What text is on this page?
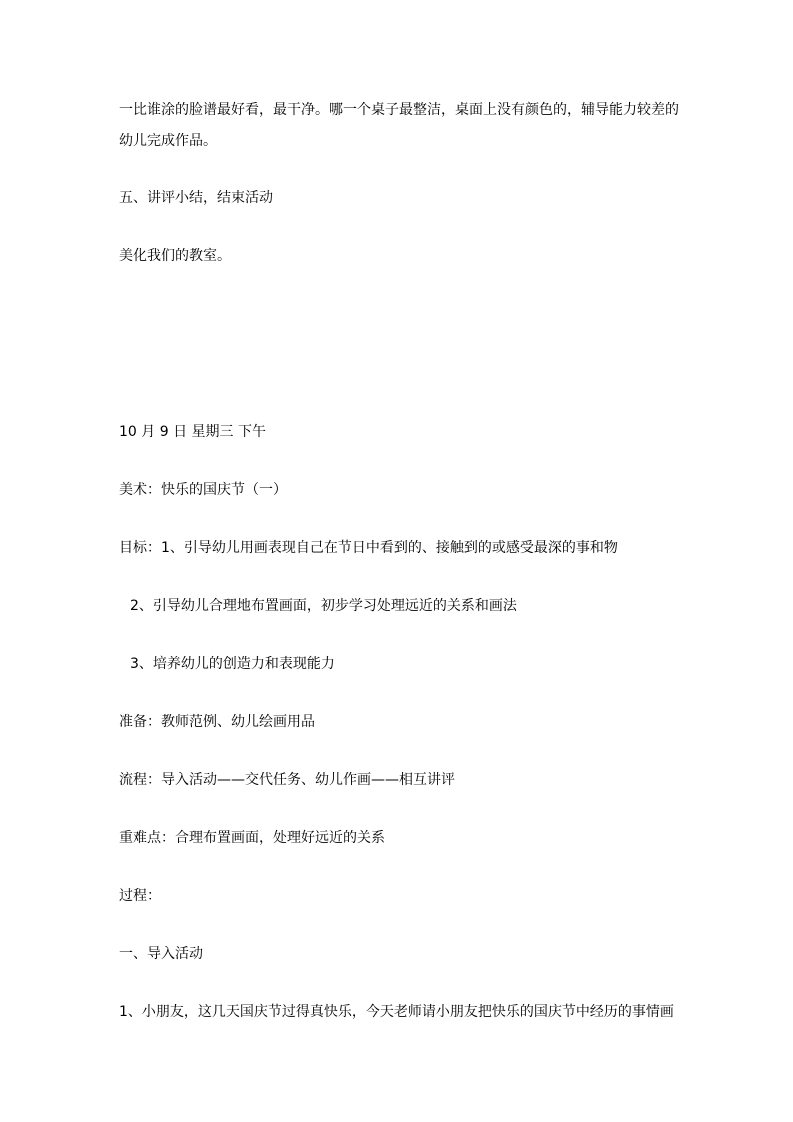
一比谁涂的脸谱最好看，最干净。哪一个桌子最整洁，桌面上没有颜色的，辅导能力较差的
幼儿完成作品。
五、讲评小结，结束活动
美化我们的教室。
10 月 9 日 星期三 下午
美术：快乐的国庆节（一）
目标：1、引导幼儿用画表现自己在节日中看到的、接触到的或感受最深的事和物
2、引导幼儿合理地布置画面，初步学习处理远近的关系和画法
3、培养幼儿的创造力和表现能力
准备：教师范例、幼儿绘画用品
流程：导入活动——交代任务、幼儿作画——相互讲评
重难点：合理布置画面，处理好远近的关系
过程：
一、导入活动
1、小朋友，这几天国庆节过得真快乐，今天老师请小朋友把快乐的国庆节中经历的事情画
